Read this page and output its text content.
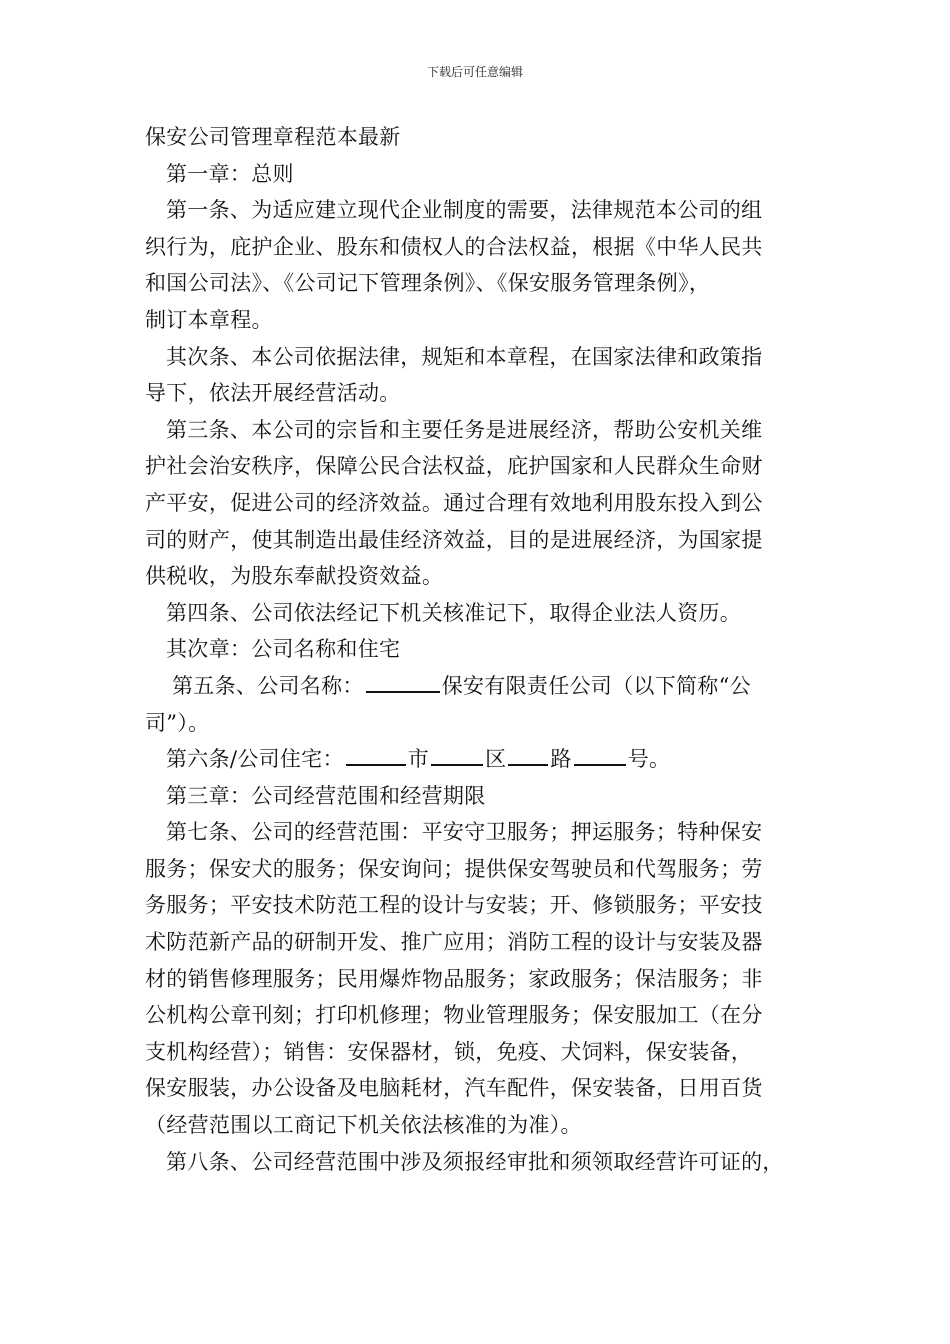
下载后可任意编辑
保安公司管理章程范本最新
第一章：总则
第一条、为适应建立现代企业制度的需要，法律规范本公司的组
织行为，庇护企业、股东和债权人的合法权益，根据《中华人民共
和国公司法》、《公司记下管理条例》、《保安服务管理条例》，
制订本章程。
其次条、本公司依据法律，规矩和本章程，在国家法律和政策指
导下，依法开展经营活动。
第三条、本公司的宗旨和主要任务是进展经济，帮助公安机关维
护社会治安秩序，保障公民合法权益，庇护国家和人民群众生命财
产平安，促进公司的经济效益。通过合理有效地利用股东投入到公
司的财产，使其制造出最佳经济效益，目的是进展经济，为国家提
供税收，为股东奉献投资效益。
第四条、公司依法经记下机关核准记下，取得企业法人资历。
其次章：公司名称和住宅
第五条、公司名称：	保安有限责任公司（以下简称“公
司”）。
第六条/公司住宅：	市	区 路	号。
第三章：公司经营范围和经营期限
第七条、公司的经营范围：平安守卫服务；押运服务；特种保安
服务；保安犬的服务；保安询问；提供保安驾驶员和代驾服务；劳
务服务；平安技术防范工程的设计与安装；开、修锁服务；平安技
术防范新产品的研制开发、推广应用；消防工程的设计与安装及器
材的销售修理服务；民用爆炸物品服务；家政服务；保洁服务；非
公机构公章刊刻；打印机修理；物业管理服务；保安服加工（在分
支机构经营）；销售：安保器材，锁，免疫、犬饲料，保安装备，
保安服装，办公设备及电脑耗材，汽车配件，保安装备，日用百货
（经营范围以工商记下机关依法核准的为准）。
第八条、公司经营范围中涉及须报经审批和须领取经营许可证的，
